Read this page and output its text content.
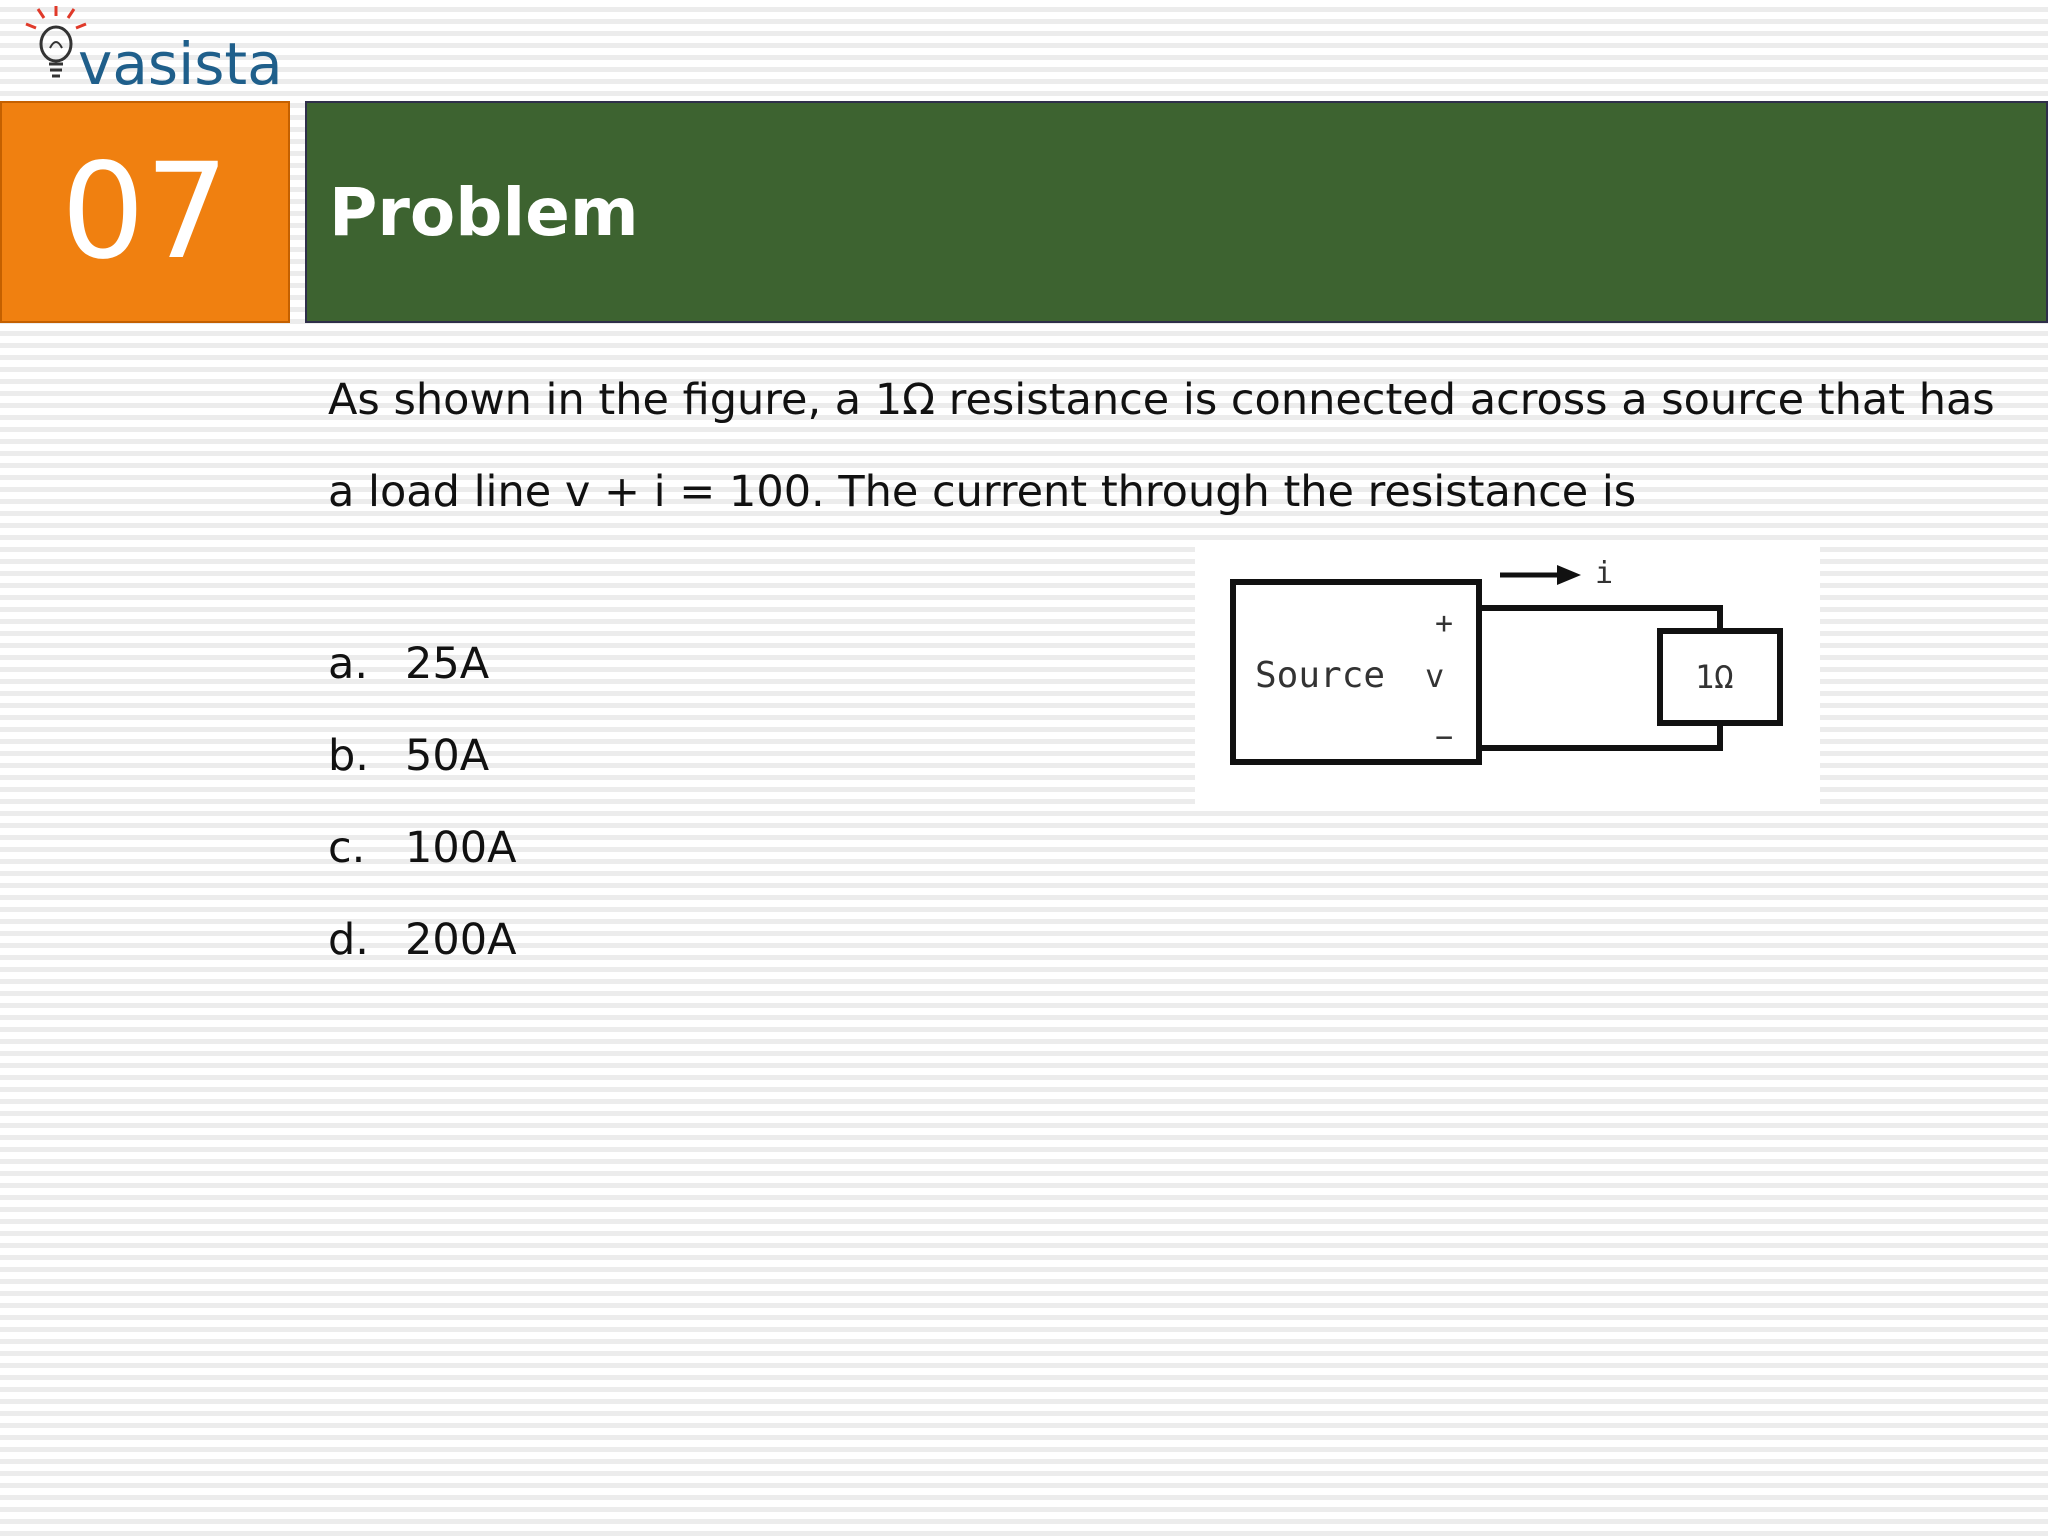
vasista
07 Problem
As shown in the figure, a 1Ω resistance is connected across a source that has a load line v + i = 100. The current through the resistance is
a. 25A
b. 50A
c. 100A
d. 200A
Source v
+
−
1Ω
i
